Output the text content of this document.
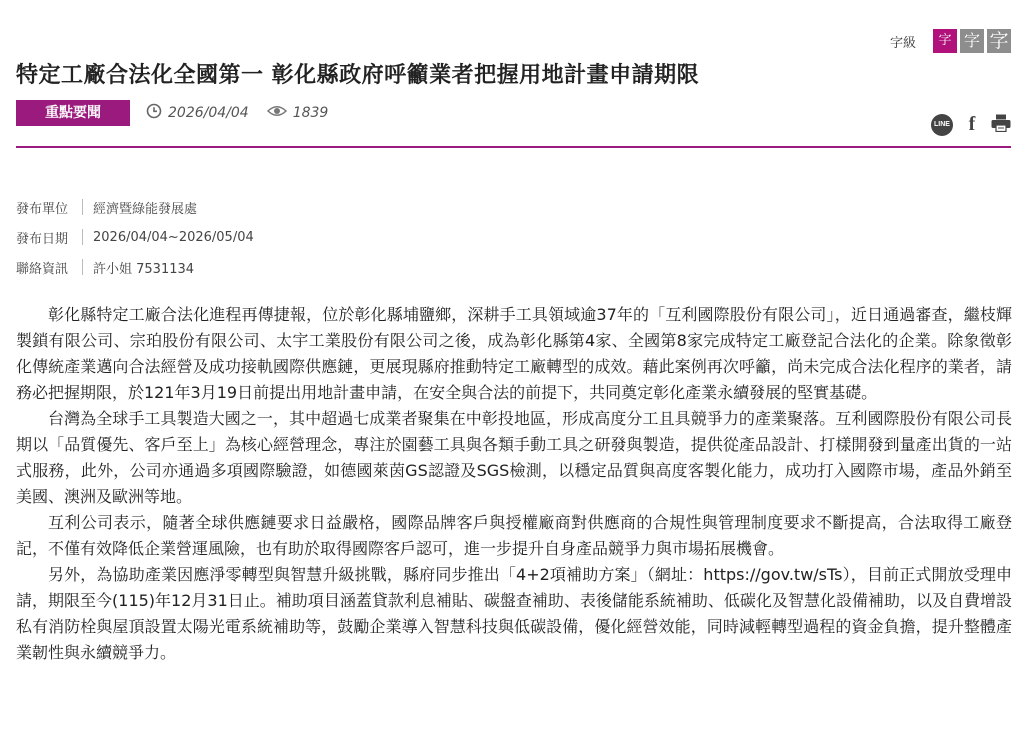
字級	字 字 字
特定工廠合法化全國第一 彰化縣政府呼籲業者把握用地計畫申請期限
重點要聞	2026/04/04	1839
LINE f
發布單位	經濟暨綠能發展處
發布日期	2026/04/04~2026/05/04
聯絡資訊	許小姐 7531134

彰化縣特定工廠合法化進程再傳捷報，位於彰化縣埔鹽鄉，深耕手工具領域逾37年的「互利國際股份有限公司」，近日通過審查，繼枝輝製鎖有限公司、宗珀股份有限公司、太宇工業股份有限公司之後，成為彰化縣第4家、全國第8家完成特定工廠登記合法化的企業。除象徵彰化傳統產業邁向合法經營及成功接軌國際供應鏈，更展現縣府推動特定工廠轉型的成效。藉此案例再次呼籲，尚未完成合法化程序的業者，請務必把握期限，於121年3月19日前提出用地計畫申請，在安全與合法的前提下，共同奠定彰化產業永續發展的堅實基礎。

台灣為全球手工具製造大國之一，其中超過七成業者聚集在中彰投地區，形成高度分工且具競爭力的產業聚落。互利國際股份有限公司長期以「品質優先、客戶至上」為核心經營理念，專注於園藝工具與各類手動工具之研發與製造，提供從產品設計、打樣開發到量產出貨的一站式服務，此外，公司亦通過多項國際驗證，如德國萊茵GS認證及SGS檢測，以穩定品質與高度客製化能力，成功打入國際市場，產品外銷至美國、澳洲及歐洲等地。

互利公司表示，隨著全球供應鏈要求日益嚴格，國際品牌客戶與授權廠商對供應商的合規性與管理制度要求不斷提高，合法取得工廠登記，不僅有效降低企業營運風險，也有助於取得國際客戶認可，進一步提升自身產品競爭力與市場拓展機會。

另外，為協助產業因應淨零轉型與智慧升級挑戰，縣府同步推出「4+2項補助方案」（網址：https://gov.tw/sTs），目前正式開放受理申請，期限至今(115)年12月31日止。補助項目涵蓋貸款利息補貼、碳盤查補助、表後儲能系統補助、低碳化及智慧化設備補助，以及自費增設私有消防栓與屋頂設置太陽光電系統補助等，鼓勵企業導入智慧科技與低碳設備，優化經營效能，同時減輕轉型過程的資金負擔，提升整體產業韌性與永續競爭力。
